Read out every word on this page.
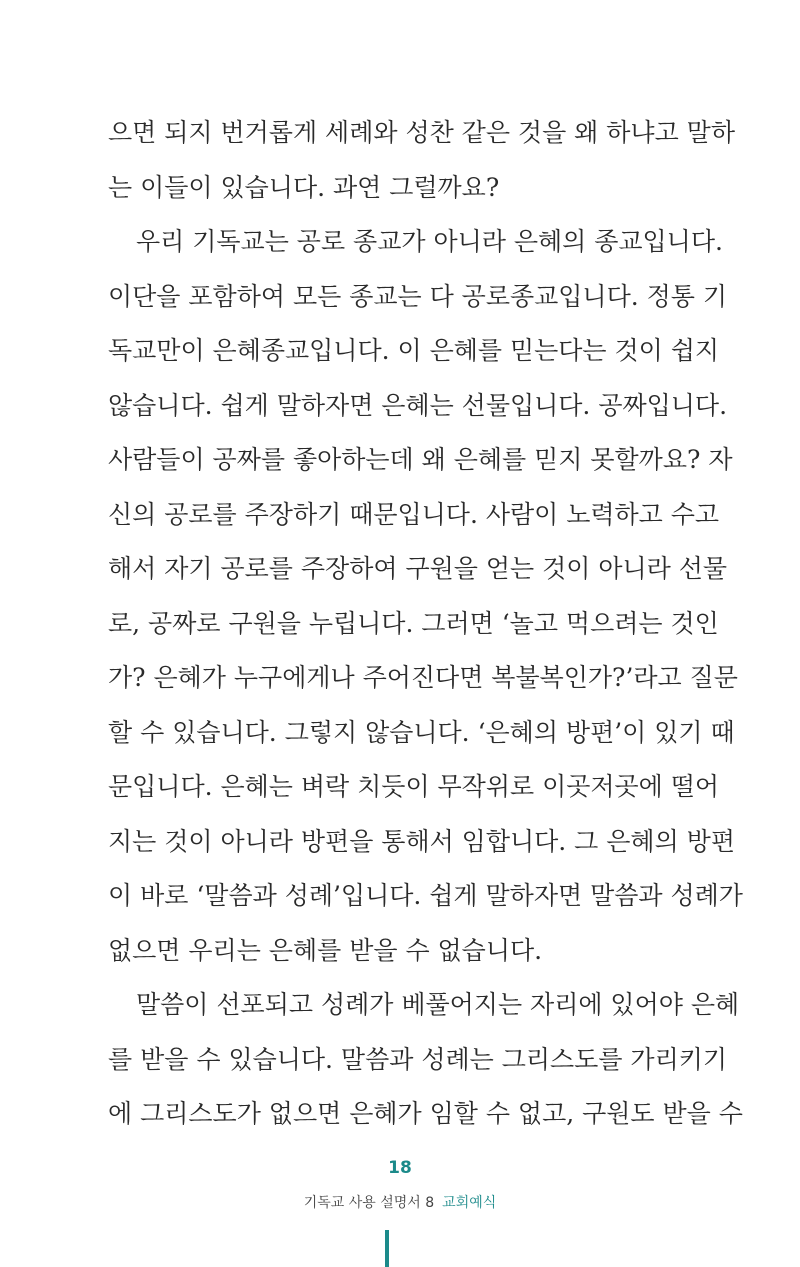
으면 되지 번거롭게 세례와 성찬 같은 것을 왜 하냐고 말하
는 이들이 있습니다. 과연 그럴까요?
우리 기독교는 공로 종교가 아니라 은혜의 종교입니다.
이단을 포함하여 모든 종교는 다 공로종교입니다. 정통 기
독교만이 은혜종교입니다. 이 은혜를 믿는다는 것이 쉽지
않습니다. 쉽게 말하자면 은혜는 선물입니다. 공짜입니다.
사람들이 공짜를 좋아하는데 왜 은혜를 믿지 못할까요? 자
신의 공로를 주장하기 때문입니다. 사람이 노력하고 수고
해서 자기 공로를 주장하여 구원을 얻는 것이 아니라 선물
로, 공짜로 구원을 누립니다. 그러면 ‘놀고 먹으려는 것인
가? 은혜가 누구에게나 주어진다면 복불복인가?’라고 질문
할 수 있습니다. 그렇지 않습니다. ‘은혜의 방편’이 있기 때
문입니다. 은혜는 벼락 치듯이 무작위로 이곳저곳에 떨어
지는 것이 아니라 방편을 통해서 임합니다. 그 은혜의 방편
이 바로 ‘말씀과 성례’입니다. 쉽게 말하자면 말씀과 성례가
없으면 우리는 은혜를 받을 수 없습니다.
말씀이 선포되고 성례가 베풀어지는 자리에 있어야 은혜
를 받을 수 있습니다. 말씀과 성례는 그리스도를 가리키기
에 그리스도가 없으면 은혜가 임할 수 없고, 구원도 받을 수
18
기독교 사용 설명서 8 교회예식
